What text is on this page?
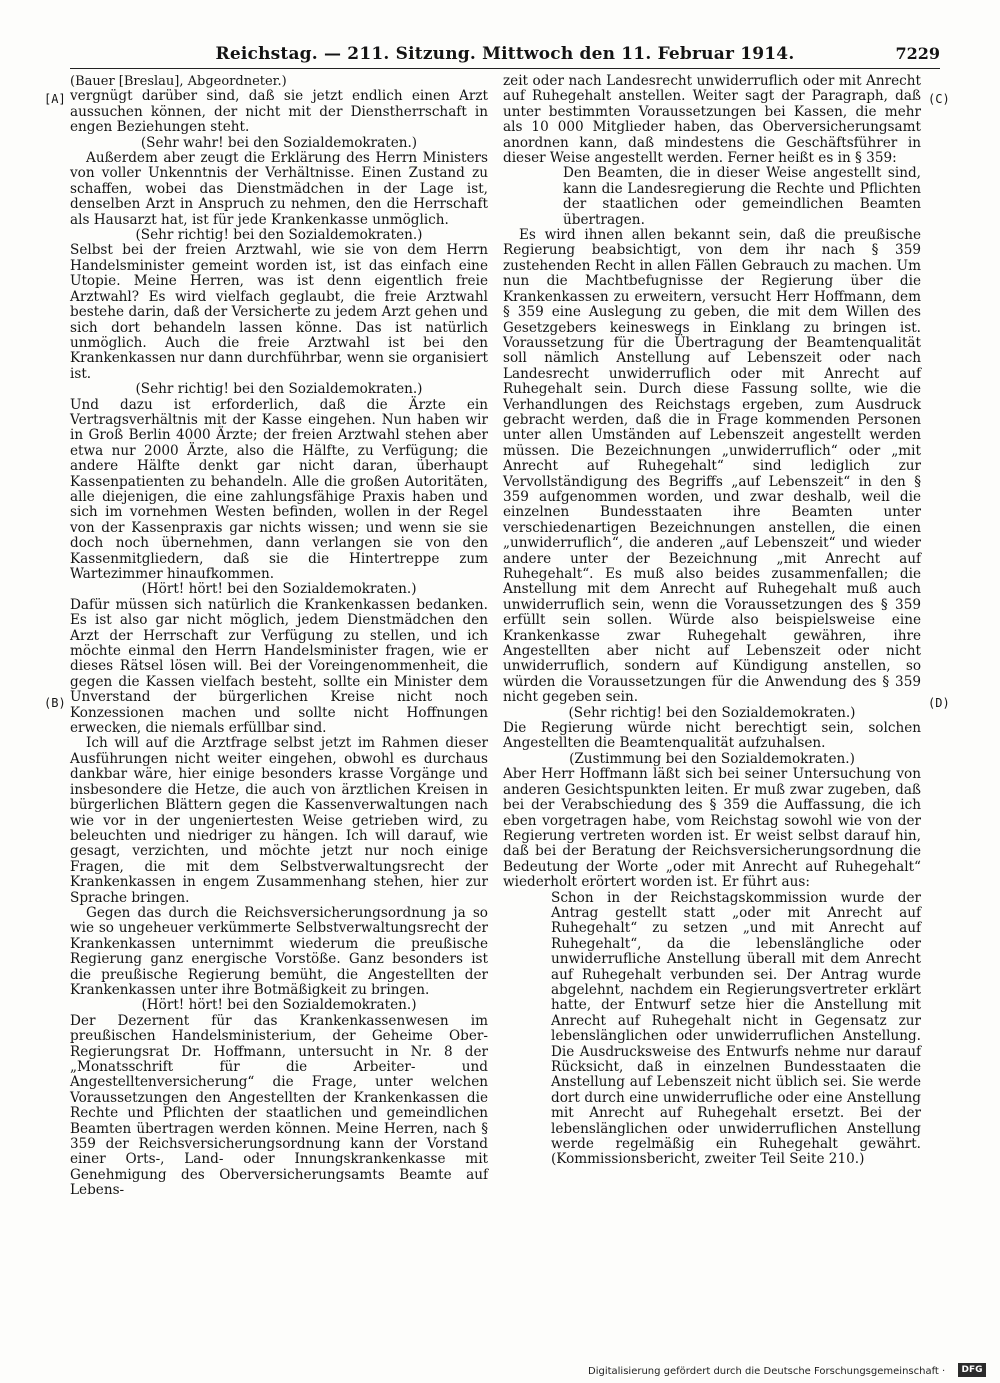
Reichstag. — 211. Sitzung. Mittwoch den 11. Februar 1914.	7229
[A]
(B)
(C)
(D)

(Bauer [Breslau], Abgeordneter.)

vergnügt darüber sind, daß sie jetzt endlich einen Arzt aussuchen können, der nicht mit der Dienstherrschaft in engen Beziehungen steht.

(Sehr wahr! bei den Sozialdemokraten.)

Außerdem aber zeugt die Erklärung des Herrn Ministers von voller Unkenntnis der Verhältnisse. Einen Zustand zu schaffen, wobei das Dienstmädchen in der Lage ist, denselben Arzt in Anspruch zu nehmen, den die Herrschaft als Hausarzt hat, ist für jede Krankenkasse unmöglich.

(Sehr richtig! bei den Sozialdemokraten.)

Selbst bei der freien Arztwahl, wie sie von dem Herrn Handelsminister gemeint worden ist, ist das einfach eine Utopie. Meine Herren, was ist denn eigentlich freie Arztwahl? Es wird vielfach geglaubt, die freie Arztwahl bestehe darin, daß der Versicherte zu jedem Arzt gehen und sich dort behandeln lassen könne. Das ist natürlich unmöglich. Auch die freie Arztwahl ist bei den Krankenkassen nur dann durchführbar, wenn sie organisiert ist.

(Sehr richtig! bei den Sozialdemokraten.)

Und dazu ist erforderlich, daß die Ärzte ein Vertragsverhältnis mit der Kasse eingehen. Nun haben wir in Groß Berlin 4000 Ärzte; der freien Arztwahl stehen aber etwa nur 2000 Ärzte, also die Hälfte, zu Verfügung; die andere Hälfte denkt gar nicht daran, überhaupt Kassenpatienten zu behandeln. Alle die großen Autoritäten, alle diejenigen, die eine zahlungsfähige Praxis haben und sich im vornehmen Westen befinden, wollen in der Regel von der Kassenpraxis gar nichts wissen; und wenn sie sie doch noch übernehmen, dann verlangen sie von den Kassenmitgliedern, daß sie die Hintertreppe zum Wartezimmer hinaufkommen.

(Hört! hört! bei den Sozialdemokraten.)

Dafür müssen sich natürlich die Krankenkassen bedanken. Es ist also gar nicht möglich, jedem Dienstmädchen den Arzt der Herrschaft zur Verfügung zu stellen, und ich möchte einmal den Herrn Handelsminister fragen, wie er dieses Rätsel lösen will. Bei der Voreingenommenheit, die gegen die Kassen vielfach besteht, sollte ein Minister dem Unverstand der bürgerlichen Kreise nicht noch Konzessionen machen und sollte nicht Hoffnungen erwecken, die niemals erfüllbar sind.

Ich will auf die Arztfrage selbst jetzt im Rahmen dieser Ausführungen nicht weiter eingehen, obwohl es durchaus dankbar wäre, hier einige besonders krasse Vorgänge und insbesondere die Hetze, die auch von ärztlichen Kreisen in bürgerlichen Blättern gegen die Kassenverwaltungen nach wie vor in der ungeniertesten Weise getrieben wird, zu beleuchten und niedriger zu hängen. Ich will darauf, wie gesagt, verzichten, und möchte jetzt nur noch einige Fragen, die mit dem Selbstverwaltungsrecht der Krankenkassen in engem Zusammenhang stehen, hier zur Sprache bringen.

Gegen das durch die Reichsversicherungsordnung ja so wie so ungeheuer verkümmerte Selbstverwaltungsrecht der Krankenkassen unternimmt wiederum die preußische Regierung ganz energische Vorstöße. Ganz besonders ist die preußische Regierung bemüht, die Angestellten der Krankenkassen unter ihre Botmäßigkeit zu bringen.

(Hört! hört! bei den Sozialdemokraten.)

Der Dezernent für das Krankenkassenwesen im preußischen Handelsministerium, der Geheime Ober-Regierungsrat Dr. Hoffmann, untersucht in Nr. 8 der „Monatsschrift für die Arbeiter- und Angestelltenversicherung“ die Frage, unter welchen Voraussetzungen den Angestellten der Krankenkassen die Rechte und Pflichten der staatlichen und gemeindlichen Beamten übertragen werden können. Meine Herren, nach § 359 der Reichsversicherungsordnung kann der Vorstand einer Orts-, Land- oder Innungskrankenkasse mit Genehmigung des Oberversicherungsamts Beamte auf Lebens-

zeit oder nach Landesrecht unwiderruflich oder mit Anrecht auf Ruhegehalt anstellen. Weiter sagt der Paragraph, daß unter bestimmten Voraussetzungen bei Kassen, die mehr als 10 000 Mitglieder haben, das Oberversicherungsamt anordnen kann, daß mindestens die Geschäftsführer in dieser Weise angestellt werden. Ferner heißt es in § 359:

Den Beamten, die in dieser Weise angestellt sind, kann die Landesregierung die Rechte und Pflichten der staatlichen oder gemeindlichen Beamten übertragen.

Es wird ihnen allen bekannt sein, daß die preußische Regierung beabsichtigt, von dem ihr nach § 359 zustehenden Recht in allen Fällen Gebrauch zu machen. Um nun die Machtbefugnisse der Regierung über die Krankenkassen zu erweitern, versucht Herr Hoffmann, dem § 359 eine Auslegung zu geben, die mit dem Willen des Gesetzgebers keineswegs in Einklang zu bringen ist. Voraussetzung für die Übertragung der Beamtenqualität soll nämlich Anstellung auf Lebenszeit oder nach Landesrecht unwiderruflich oder mit Anrecht auf Ruhegehalt sein. Durch diese Fassung sollte, wie die Verhandlungen des Reichstags ergeben, zum Ausdruck gebracht werden, daß die in Frage kommenden Personen unter allen Umständen auf Lebenszeit angestellt werden müssen. Die Bezeichnungen „unwiderruflich“ oder „mit Anrecht auf Ruhegehalt“ sind lediglich zur Vervollständigung des Begriffs „auf Lebenszeit“ in den § 359 aufgenommen worden, und zwar deshalb, weil die einzelnen Bundesstaaten ihre Beamten unter verschiedenartigen Bezeichnungen anstellen, die einen „unwiderruflich“, die anderen „auf Lebenszeit“ und wieder andere unter der Bezeichnung „mit Anrecht auf Ruhegehalt“. Es muß also beides zusammenfallen; die Anstellung mit dem Anrecht auf Ruhegehalt muß auch unwiderruflich sein, wenn die Voraussetzungen des § 359 erfüllt sein sollen. Würde also beispielsweise eine Krankenkasse zwar Ruhegehalt gewähren, ihre Angestellten aber nicht auf Lebenszeit oder nicht unwiderruflich, sondern auf Kündigung anstellen, so würden die Voraussetzungen für die Anwendung des § 359 nicht gegeben sein.

(Sehr richtig! bei den Sozialdemokraten.)

Die Regierung würde nicht berechtigt sein, solchen Angestellten die Beamtenqualität aufzuhalsen.

(Zustimmung bei den Sozialdemokraten.)

Aber Herr Hoffmann läßt sich bei seiner Untersuchung von anderen Gesichtspunkten leiten. Er muß zwar zugeben, daß bei der Verabschiedung des § 359 die Auffassung, die ich eben vorgetragen habe, vom Reichstag sowohl wie von der Regierung vertreten worden ist. Er weist selbst darauf hin, daß bei der Beratung der Reichsversicherungsordnung die Bedeutung der Worte „oder mit Anrecht auf Ruhegehalt“ wiederholt erörtert worden ist. Er führt aus:

Schon in der Reichstagskommission wurde der Antrag gestellt statt „oder mit Anrecht auf Ruhegehalt“ zu setzen „und mit Anrecht auf Ruhegehalt“, da die lebenslängliche oder unwiderrufliche Anstellung überall mit dem Anrecht auf Ruhegehalt verbunden sei. Der Antrag wurde abgelehnt, nachdem ein Regierungsvertreter erklärt hatte, der Entwurf setze hier die Anstellung mit Anrecht auf Ruhegehalt nicht in Gegensatz zur lebenslänglichen oder unwiderruflichen Anstellung. Die Ausdrucksweise des Entwurfs nehme nur darauf Rücksicht, daß in einzelnen Bundesstaaten die Anstellung auf Lebenszeit nicht üblich sei. Sie werde dort durch eine unwiderrufliche oder eine Anstellung mit Anrecht auf Ruhegehalt ersetzt. Bei der lebenslänglichen oder unwiderruflichen Anstellung werde regelmäßig ein Ruhegehalt gewährt. (Kommissionsbericht, zweiter Teil Seite 210.)

Digitalisierung gefördert durch die Deutsche Forschungsgemeinschaft ·	DFG
